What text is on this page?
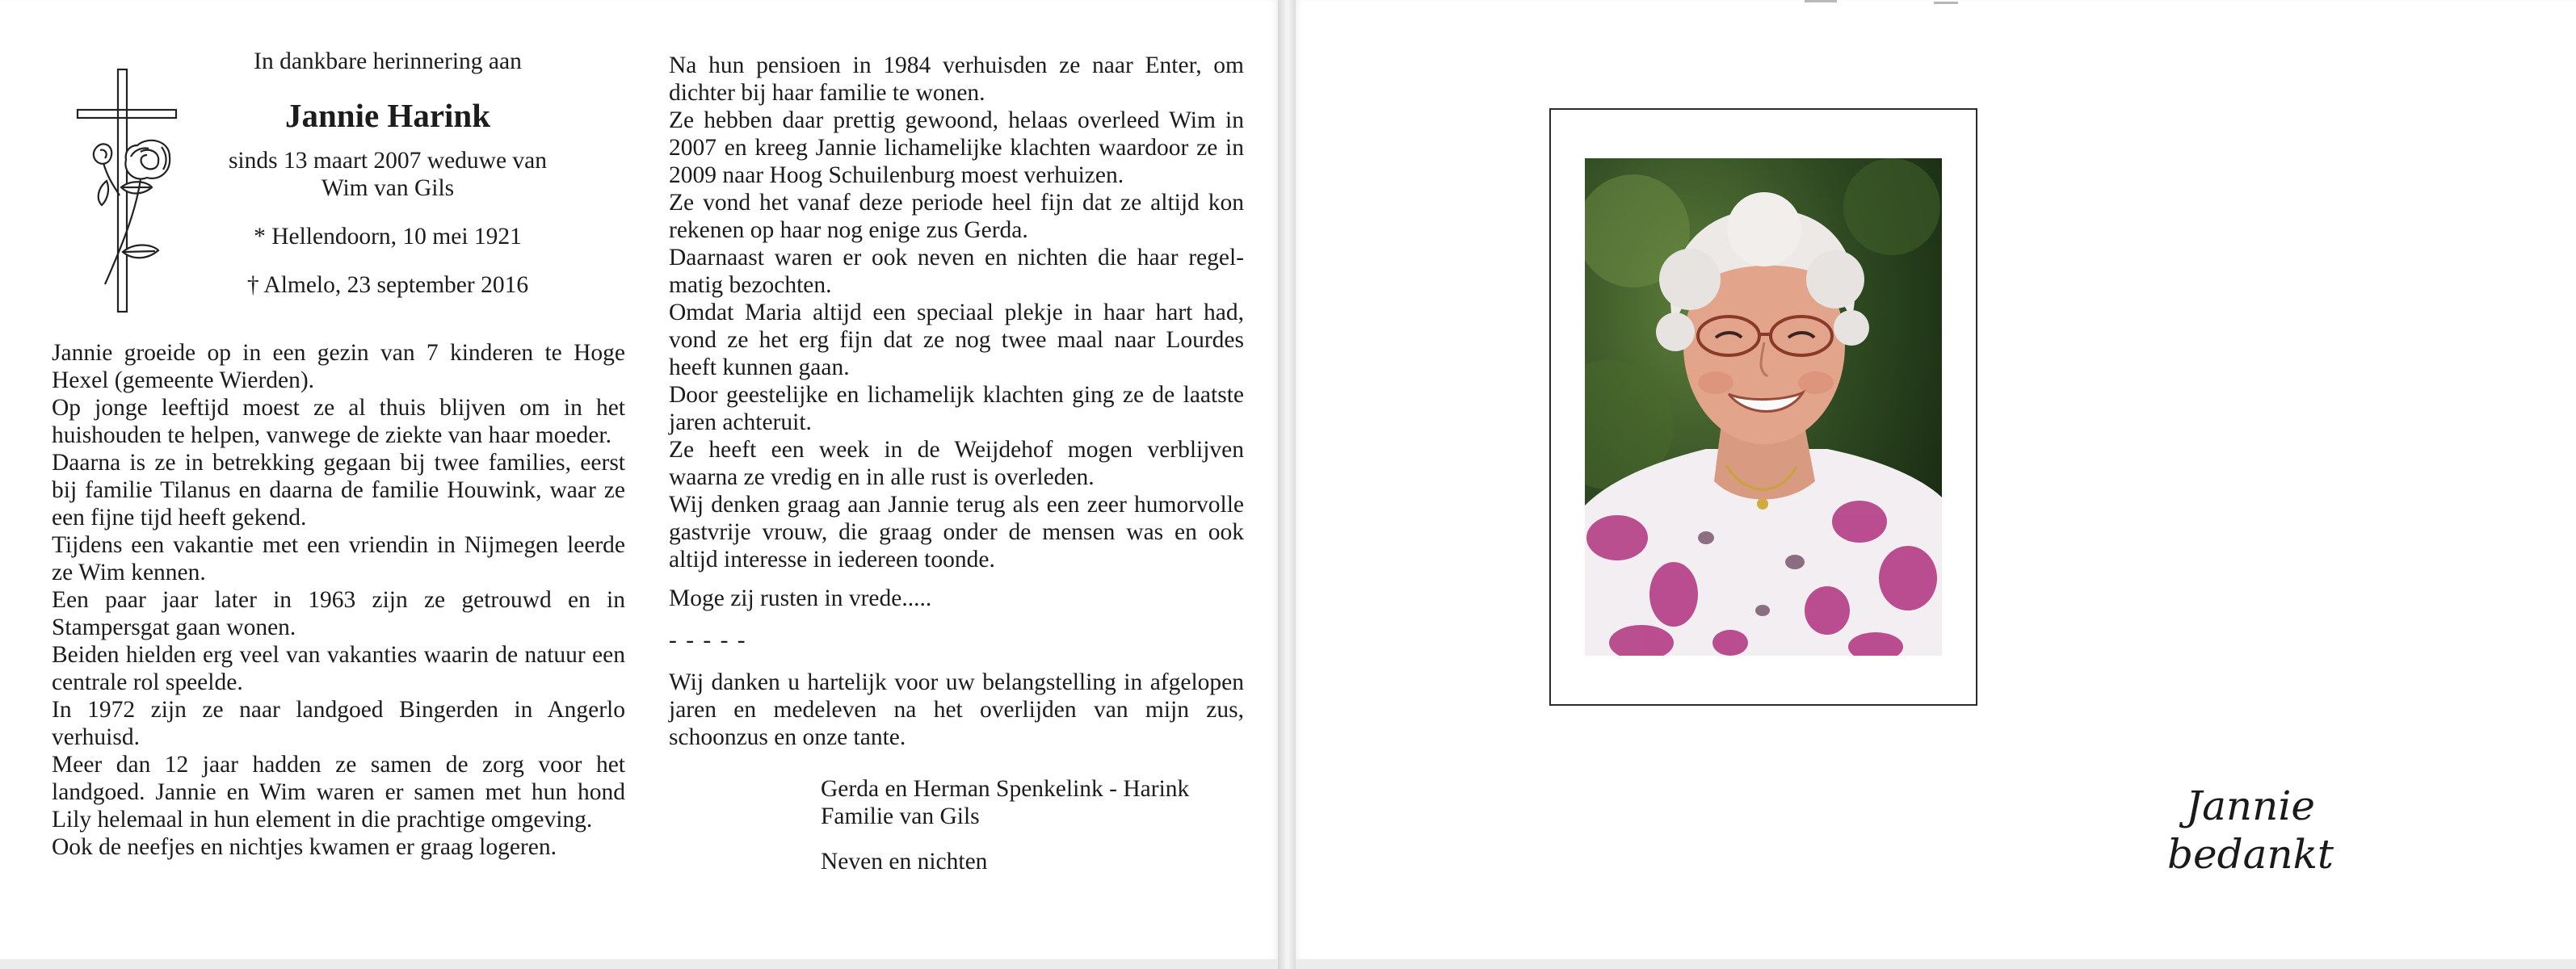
In dankbare herinnering aan
Jannie Harink
sinds 13 maart 2007 weduwe van
Wim van Gils
* Hellendoorn, 10 mei 1921
† Almelo, 23 september 2016
Jannie groeide op in een gezin van 7 kinderen te Hoge Hexel (gemeente Wierden).
Op jonge leeftijd moest ze al thuis blijven om in het huishouden te helpen, vanwege de ziekte van haar moeder.
Daarna is ze in betrekking gegaan bij twee families, eerst bij familie Tilanus en daarna de familie Houwink, waar ze een fijne tijd heeft gekend.
Tijdens een vakantie met een vriendin in Nijmegen leerde ze Wim kennen.
Een paar jaar later in 1963 zijn ze getrouwd en in Stampersgat gaan wonen.
Beiden hielden erg veel van vakanties waarin de natuur een centrale rol speelde.
In 1972 zijn ze naar landgoed Bingerden in Angerlo verhuisd.
Meer dan 12 jaar hadden ze samen de zorg voor het landgoed. Jannie en Wim waren er samen met hun hond Lily helemaal in hun element in die prachtige omgeving.
Ook de neefjes en nichtjes kwamen er graag logeren.
Na hun pensioen in 1984 verhuisden ze naar Enter, om dichter bij haar familie te wonen.
Ze hebben daar prettig gewoond, helaas overleed Wim in 2007 en kreeg Jannie lichamelijke klachten waardoor ze in 2009 naar Hoog Schuilenburg moest verhuizen.
Ze vond het vanaf deze periode heel fijn dat ze altijd kon rekenen op haar nog enige zus Gerda.
Daarnaast waren er ook neven en nichten die haar regel-matig bezochten.
Omdat Maria altijd een speciaal plekje in haar hart had, vond ze het erg fijn dat ze nog twee maal naar Lourdes heeft kunnen gaan.
Door geestelijke en lichamelijk klachten ging ze de laatste jaren achteruit.
Ze heeft een week in de Weijdehof mogen verblijven waarna ze vredig en in alle rust is overleden.
Wij denken graag aan Jannie terug als een zeer humorvolle gastvrije vrouw, die graag onder de mensen was en ook altijd interesse in iedereen toonde.
Moge zij rusten in vrede.....
- - - - -
Wij danken u hartelijk voor uw belangstelling in afgelopen jaren en medeleven na het overlijden van mijn zus, schoonzus en onze tante.
Gerda en Herman Spenkelink - Harink
Familie van Gils
Neven en nichten
Jannie bedankt
